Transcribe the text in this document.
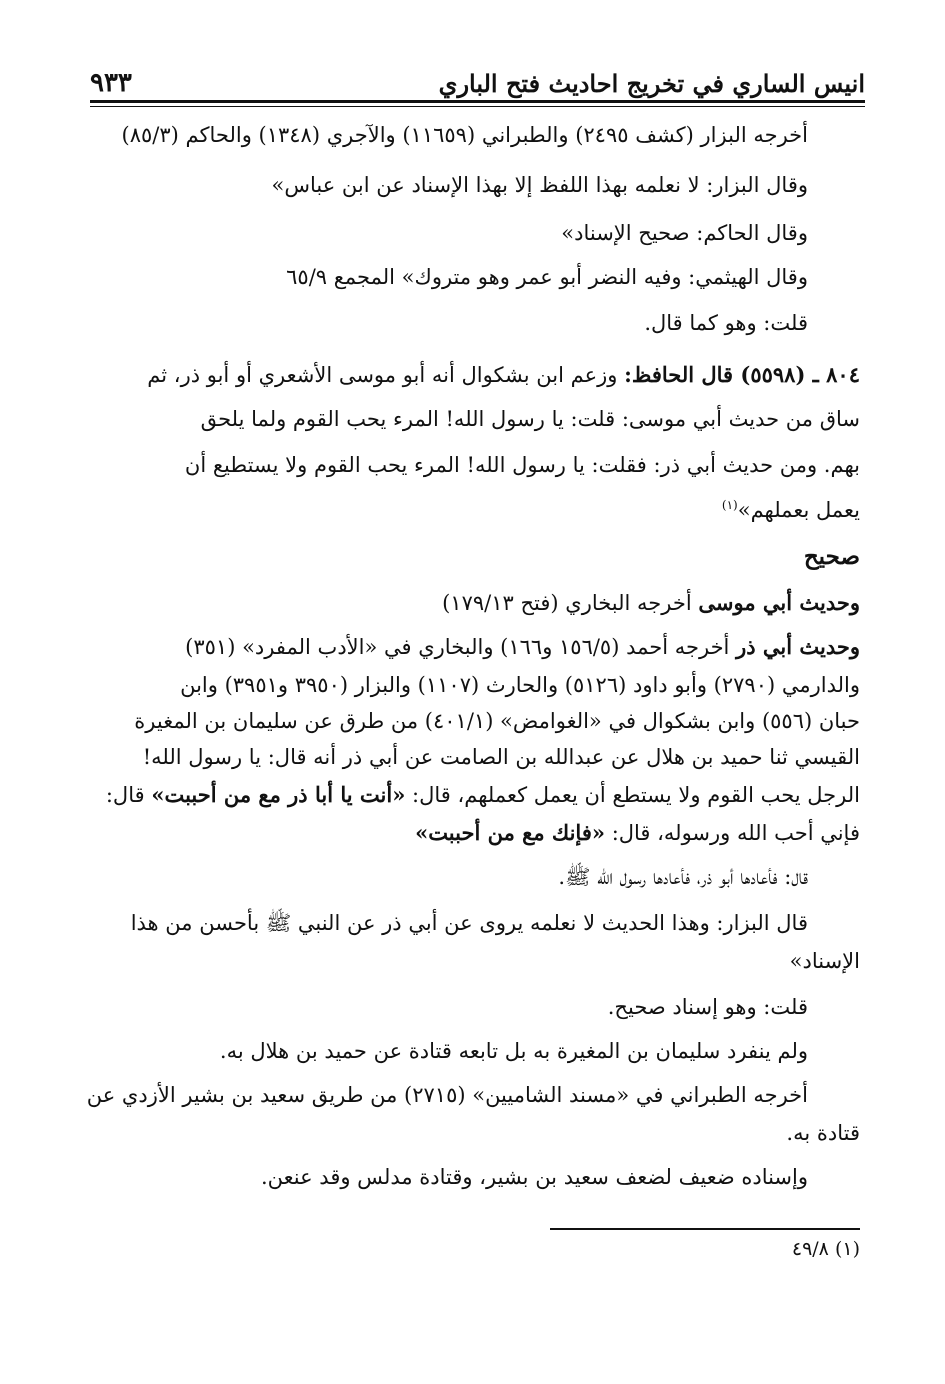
انيس الساري في تخريج احاديث فتح الباري
٩٣٣
أخرجه البزار (كشف ٢٤٩٥) والطبراني (١١٦٥٩) والآجري (١٣٤٨) والحاكم (٨٥/٣)
وقال البزار: لا نعلمه بهذا اللفظ إلا بهذا الإسناد عن ابن عباس»
وقال الحاكم: صحيح الإسناد»
وقال الهيثمي: وفيه النضر أبو عمر وهو متروك» المجمع ٦٥/٩
قلت: وهو كما قال.
٨٠٤ ـ (٥٥٩٨) قال الحافظ: وزعم ابن بشكوال أنه أبو موسى الأشعري أو أبو ذر، ثم
ساق من حديث أبي موسى: قلت: يا رسول الله! المرء يحب القوم ولما يلحق
بهم. ومن حديث أبي ذر: فقلت: يا رسول الله! المرء يحب القوم ولا يستطيع أن
يعمل بعملهم»$^{(١)}$
صحيح
وحديث أبي موسى أخرجه البخاري (فتح ١٧٩/١٣)
وحديث أبي ذر أخرجه أحمد (١٥٦/٥ و١٦٦) والبخاري في «الأدب المفرد» (٣٥١)
والدارمي (٢٧٩٠) وأبو داود (٥١٢٦) والحارث (١١٠٧) والبزار (٣٩٥٠ و٣٩٥١) وابن
حبان (٥٥٦) وابن بشكوال في «الغوامض» (٤٠١/١) من طرق عن سليمان بن المغيرة
القيسي ثنا حميد بن هلال عن عبدالله بن الصامت عن أبي ذر أنه قال: يا رسول الله!
الرجل يحب القوم ولا يستطع أن يعمل كعملهم، قال: «أنت يا أبا ذر مع من أحببت» قال:
فإني أحب الله ورسوله، قال: «فإنك مع من أحببت»
قال: فأعادها أبو ذر، فأعادها رسول الله ﷺ.
قال البزار: وهذا الحديث لا نعلمه يروى عن أبي ذر عن النبي ﷺ بأحسن من هذا
الإسناد»
قلت: وهو إسناد صحيح.
ولم ينفرد سليمان بن المغيرة به بل تابعه قتادة عن حميد بن هلال به.
أخرجه الطبراني في «مسند الشاميين» (٢٧١٥) من طريق سعيد بن بشير الأزدي عن
قتادة به.
وإسناده ضعيف لضعف سعيد بن بشير، وقتادة مدلس وقد عنعن.
(١) ٤٩/٨
